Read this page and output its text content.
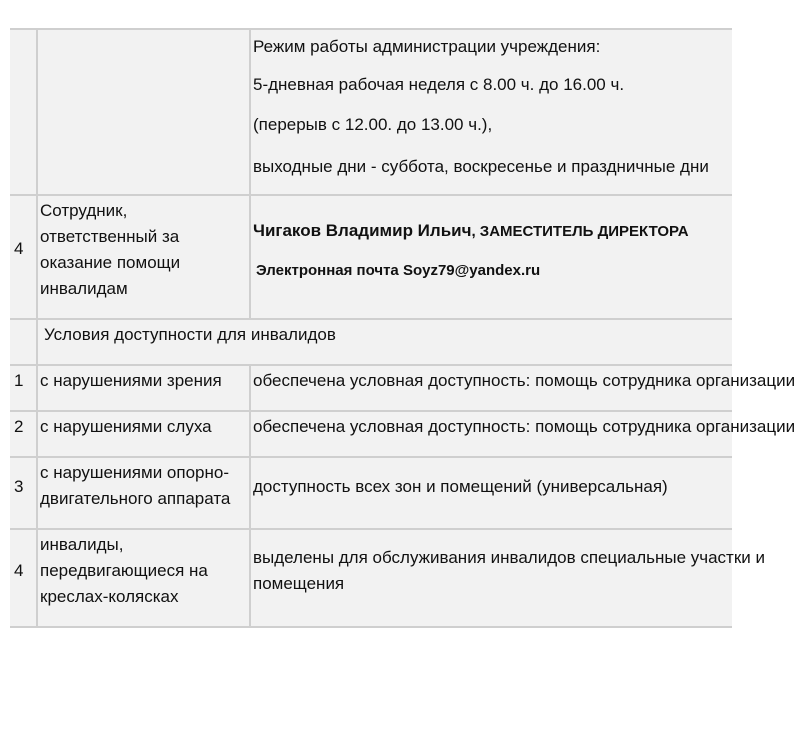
Режим работы администрации учреждения:
5-дневная рабочая неделя с 8.00 ч. до 16.00 ч.
(перерыв с 12.00. до 13.00 ч.),
выходные дни - суббота, воскресенье и праздничные дни
4
Сотрудник, ответственный за оказание помощи инвалидам
Чигаков Владимир Ильич, ЗАМЕСТИТЕЛЬ ДИРЕКТОРА
Электронная почта Soyz79@yandex.ru
Условия доступности для инвалидов
1 с нарушениями зрения	обеспечена условная доступность: помощь сотрудника организации
2 с нарушениями слуха	обеспечена условная доступность: помощь сотрудника организации
3
с нарушениями опорно-двигательного аппарата
доступность всех зон и помещений (универсальная)
4
инвалиды, передвигающиеся на креслах-колясках
выделены для обслуживания инвалидов специальные участки и
помещения
